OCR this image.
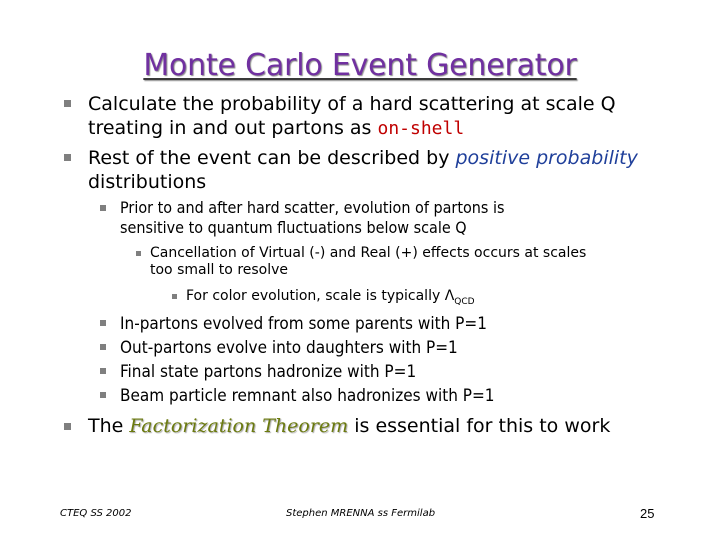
Monte Carlo Event Generator
Calculate the probability of a hard scattering at scale Q
treating in and out partons as on-shell
Rest of the event can be described by positive probability
distributions
Prior to and after hard scatter, evolution of partons is
sensitive to quantum fluctuations below scale Q
Cancellation of Virtual (-) and Real (+) effects occurs at scales
too small to resolve
For color evolution, scale is typically $\Lambda_{QCD}$
In-partons evolved from some parents with P=1
Out-partons evolve into daughters with P=1
Final state partons hadronize with P=1
Beam particle remnant also hadronizes with P=1
The Factorization Theorem is essential for this to work
CTEQ SS 2002	Stephen MRENNA ss Fermilab	25
